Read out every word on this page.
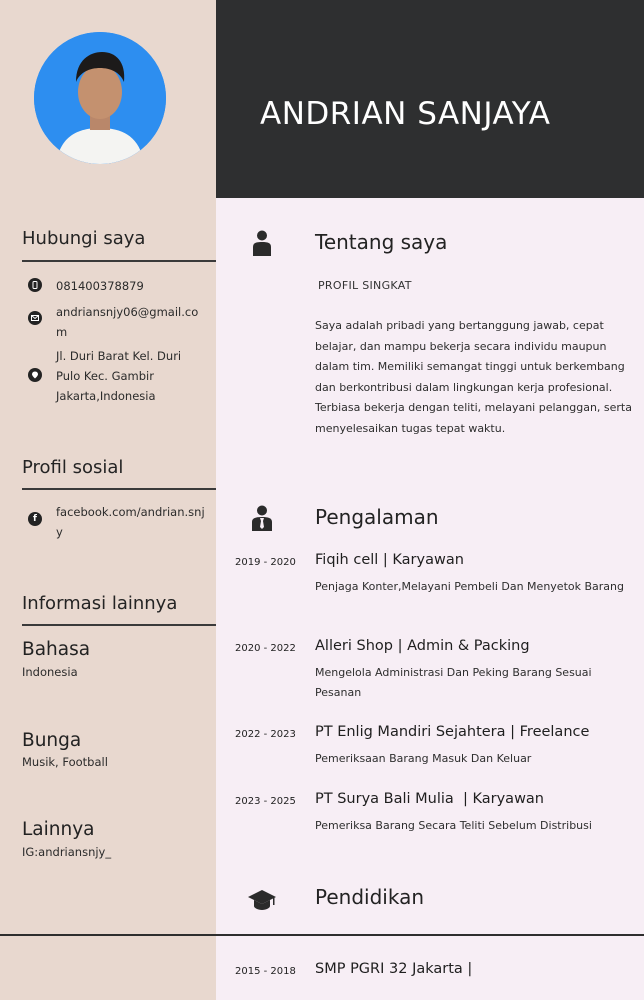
Hubungi saya
081400378879
andriansnjy06@gmail.com
Jl. Duri Barat Kel. Duri Pulo Kec. Gambir Jakarta,Indonesia
Profil sosial
f	facebook.com/andrian.snjy
Informasi lainnya
Bahasa
Indonesia
Bunga
Musik, Football
Lainnya
IG:andriansnjy_
ANDRIAN SANJAYA
Tentang saya
PROFIL SINGKAT
Saya adalah pribadi yang bertanggung jawab, cepat belajar, dan mampu bekerja secara individu maupun dalam tim. Memiliki semangat tinggi untuk berkembang dan berkontribusi dalam lingkungan kerja profesional. Terbiasa bekerja dengan teliti, melayani pelanggan, serta menyelesaikan tugas tepat waktu.
Pengalaman
2019 - 2020 Fiqih cell | Karyawan
Penjaga Konter,Melayani Pembeli Dan Menyetok Barang
2020 - 2022 Alleri Shop | Admin & Packing
Mengelola Administrasi Dan Peking Barang Sesuai Pesanan
2022 - 2023 PT Enlig Mandiri Sejahtera | Freelance
Pemeriksaan Barang Masuk Dan Keluar
2023 - 2025 PT Surya Bali Mulia  | Karyawan
Pemeriksa Barang Secara Teliti Sebelum Distribusi
Pendidikan
2015 - 2018 SMP PGRI 32 Jakarta |
